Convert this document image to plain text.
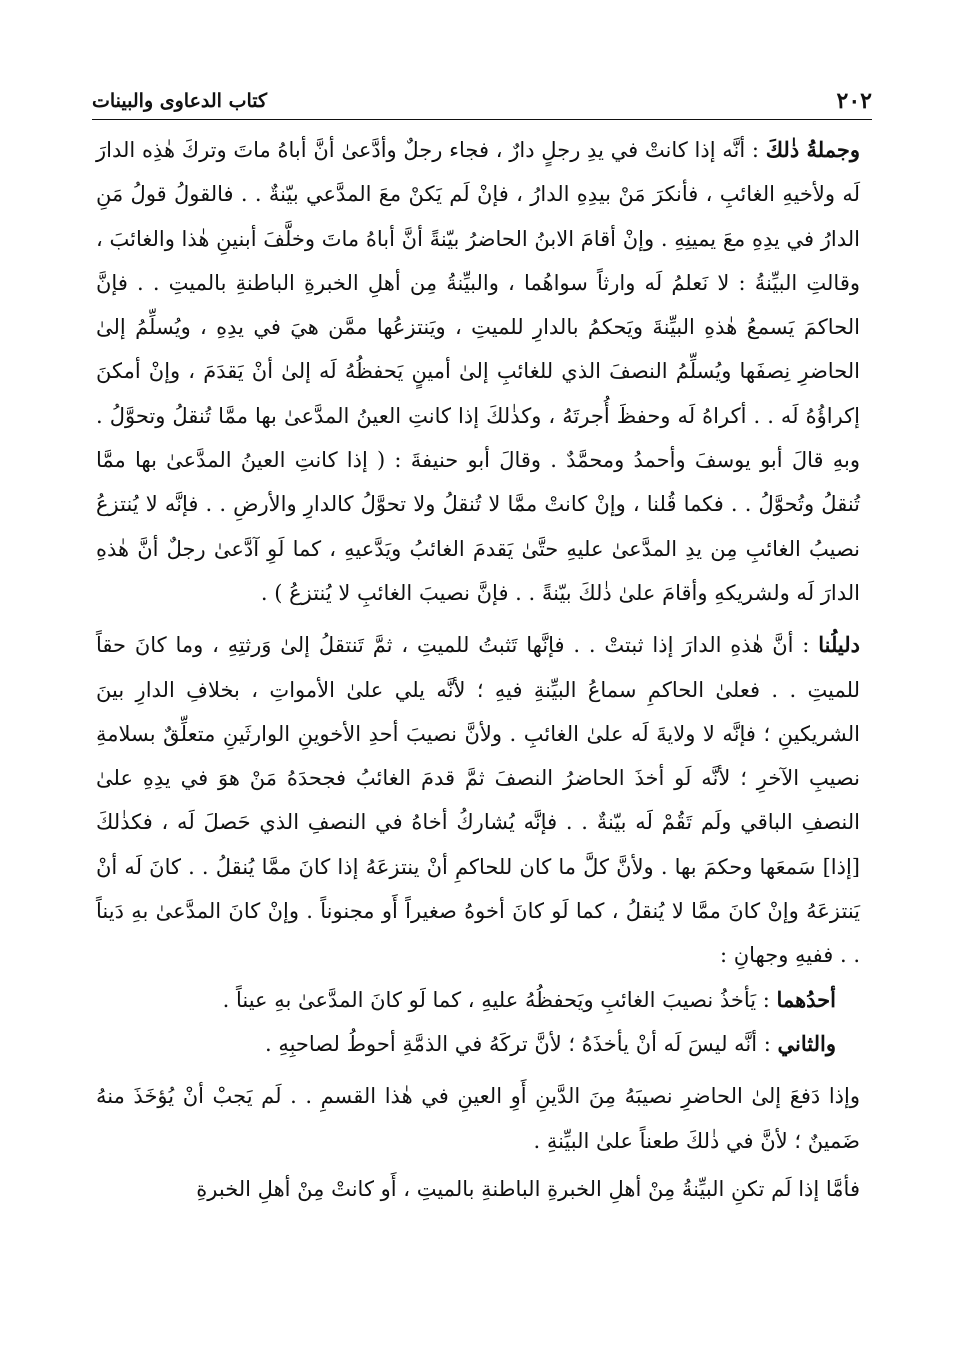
٢٠٢
كتاب الدعاوى والبينات

وجملةُ ذٰلكَ : أنَّه إذا كانتْ في يدِ رجلٍ دارٌ ، فجاء رجلٌ وأدَّعىٰ أنَّ أباهُ ماتَ وتركَ هٰذِه الدارَ لَه ولأخيهِ الغائبِ ، فأنكرَ مَنْ بيدِهِ الدارُ ، فإنْ لَم يَكنْ معَ المدَّعي بيّنةٌ . . فالقولُ قولُ مَنِ الدارُ في يدِهِ معَ يمينِهِ . وإنْ أقامَ الابنُ الحاضرُ بيّنةً أنَّ أباهُ ماتَ وخلَّفَ أبنينِ هٰذا والغائبَ ، وقالتِ البيِّنةُ : لا نَعلمُ لَه وارثاً سواهُما ، والبيِّنةُ مِن أهلِ الخبرةِ الباطنةِ بالميتِ . . فإنَّ الحاكمَ يَسمعُ هٰذهِ البيِّنةَ ويَحكمُ بالدارِ للميتِ ، ويَنتزعُها ممَّن هيَ في يدِهِ ، ويُسلِّمُ إلىٰ الحاضرِ نِصفَها ويُسلِّمُ النصفَ الذي للغائبِ إلىٰ أمينٍ يَحفظُهُ لَه إلىٰ أنْ يَقدَمَ ، وإنْ أمكنَ إكراؤُهُ لَه . . أكراهُ لَه وحفظَ أُجرتَهُ ، وكذٰلكَ إذا كانتِ العينُ المدَّعىٰ بها ممَّا تُنقلُ وتحوَّلُ . وبهِ قالَ أبو يوسفَ وأحمدُ ومحمَّدٌ . وقالَ أبو حنيفةَ : ( إذا كانتِ العينُ المدَّعىٰ بها ممَّا تُنقلُ وتُحوَّلُ . . فكما قُلنا ، وإنْ كانتْ ممَّا لا تُنقلُ ولا تحوَّلُ كالدارِ والأرضِ . . فإنَّه لا يُنتزعُ نصيبُ الغائبِ مِن يدِ المدَّعىٰ عليهِ حتَّىٰ يَقدمَ الغائبُ ويَدَّعيهِ ، كما لَوِ آدَّعىٰ رجلٌ أنَّ هٰذهِ الدارَ لَه ولشريكهِ وأقامَ علىٰ ذٰلكَ بيّنةً . . فإنَّ نصيبَ الغائبِ لا يُنتزعُ ) .

دليلُنا : أنَّ هٰذهِ الدارَ إذا ثبتتْ . . فإنَّها تَثبتُ للميتِ ، ثمَّ تَنتقلُ إلىٰ وَرثتِهِ ، وما كانَ حقاً للميتِ . . فعلىٰ الحاكمِ سماعُ البيِّنةِ فيهِ ؛ لأنَّه يلي علىٰ الأمواتِ ، بخلافِ الدارِ بينَ الشريكينِ ؛ فإنَّه لا ولايةَ لَه علىٰ الغائبِ . ولأنَّ نصيبَ أحدِ الأخوينِ الوارثَينِ متعلِّقٌ بسلامةِ نصيبِ الآخرِ ؛ لأنَّه لَو أخذَ الحاضرُ النصفَ ثمَّ قدمَ الغائبُ فجحدَهُ مَنْ هوَ في يدِهِ علىٰ النصفِ الباقي ولَم تَقُمْ لَه بيّنةٌ . . فإنَّه يُشاركُ أخاهُ في النصفِ الذي حَصلَ لَه ، فكذٰلكَ [إذا] سَمعَها وحكمَ بها . ولأنَّ كلَّ ما كان للحاكمِ أنْ ينتزعَهُ إذا كانَ ممَّا يُنقلُ . . كانَ لَه أنْ يَنتزعَهُ وإنْ كانَ ممَّا لا يُنقلُ ، كما لَو كانَ أخوهُ صغيراً أَو مجنوناً . وإنْ كانَ المدَّعىٰ بهِ دَيناً . . ففيهِ وجهانِ :

أحدُهما : يَأخذُ نصيبَ الغائبِ ويَحفظُهُ عليهِ ، كما لَو كانَ المدَّعىٰ بهِ عيناً .

والثاني : أنَّه ليسَ لَه أنْ يأخذَهُ ؛ لأنَّ تركَهُ في الذمَّةِ أحوطُ لصاحبِهِ .

وإذا دَفعَ إلىٰ الحاضرِ نصيبَهُ مِنَ الدَّينِ أَوِ العينِ في هٰذا القسمِ . . لَم يَجبْ أنْ يُؤخَذَ منهُ ضَمينٌ ؛ لأنَّ في ذٰلكَ طعناً علىٰ البيِّنةِ .

فأمَّا إذا لَم تكنِ البيِّنةُ مِنْ أهلِ الخبرةِ الباطنةِ بالميتِ ، أَو كانتْ مِنْ أهلِ الخبرةِ
